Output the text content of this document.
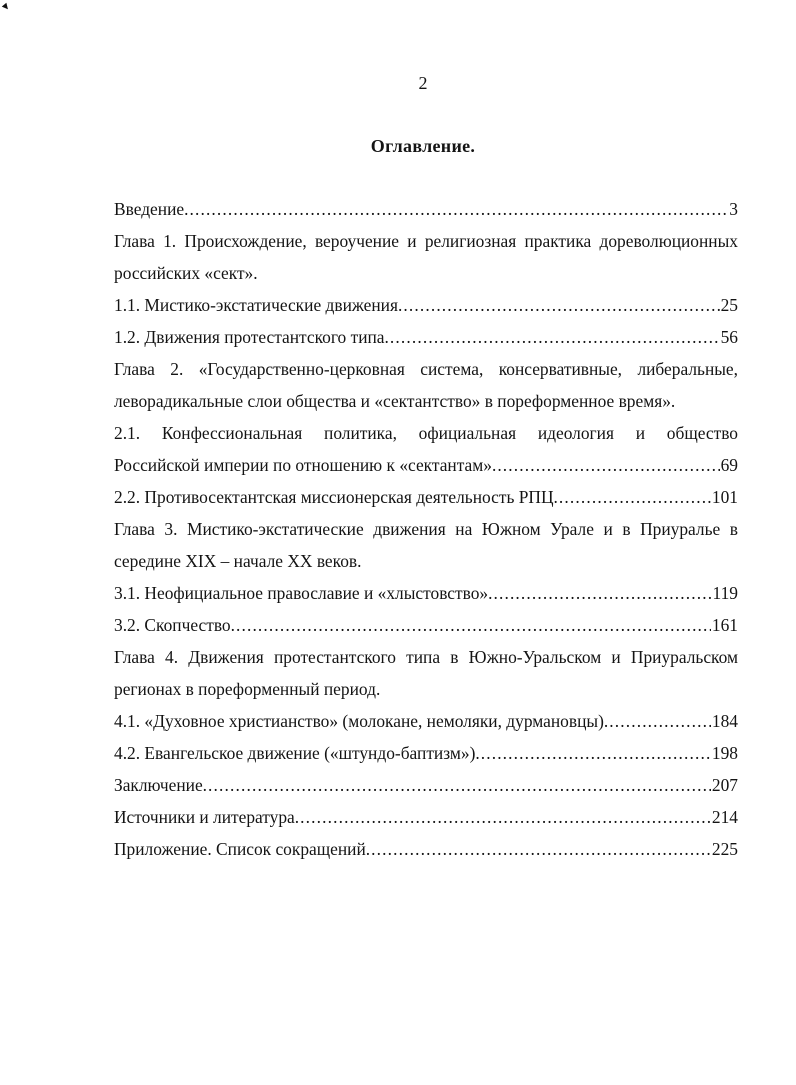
2
Оглавление.
Введение. . . .	3
Глава 1. Происхождение, вероучение и религиозная практика дореволюционных
российских «сект».
1.1. Мистико-экстатические движения. . . .	25
1.2. Движения протестантского типа. . . .	56
Глава 2. «Государственно-церковная система, консервативные, либеральные,
леворадикальные слои общества и «сектантство» в пореформенное время».
2.1. Конфессиональная политика, официальная идеология и общество
Российской империи по отношению к «сектантам». . . .	69
2.2. Противосектантская миссионерская деятельность РПЦ. . . .	101
Глава 3. Мистико-экстатические движения на Южном Урале и в Приуралье в
середине XIX – начале XX веков.
3.1. Неофициальное православие и «хлыстовство». . . .	119
3.2. Скопчество. . . .	161
Глава 4. Движения протестантского типа в Южно-Уральском и Приуральском
регионах в пореформенный период.
4.1. «Духовное христианство» (молокане, немоляки, дурмановцы). . . .	184
4.2. Евангельское движение («штундо-баптизм»). . . .	198
Заключение. . . .	207
Источники и литература. . . .	214
Приложение. Список сокращений. . . .	225
